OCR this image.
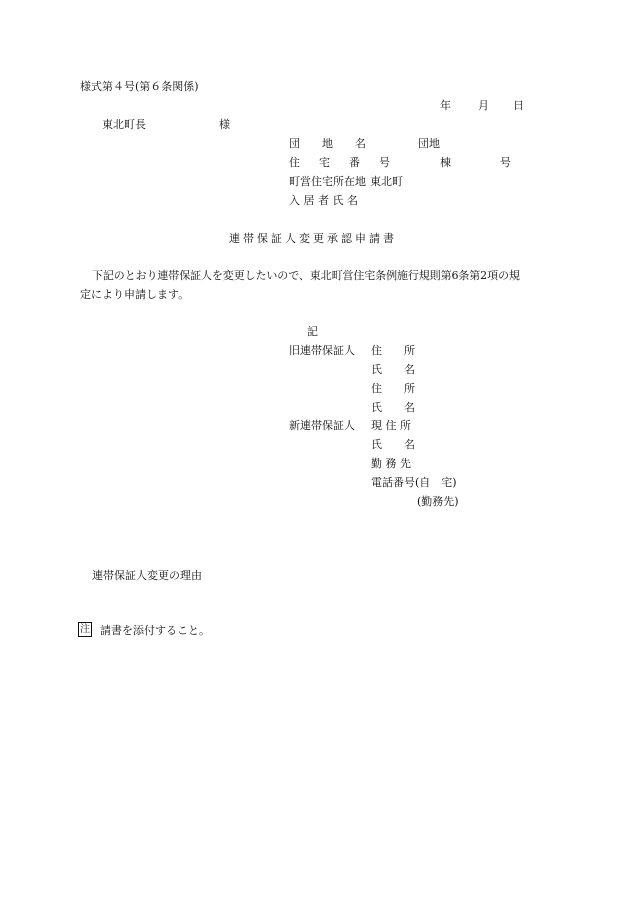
様式第４号(第６条関係)
年 月 日
東北町長	様
団　　地　　名	団地
住　宅　番　号	棟	号
町営住宅所在地 東北町
入 居 者 氏 名
連帯保証人変更承認申請書
下記のとおり連帯保証人を変更したいので、東北町営住宅条例施行規則第6条第2項の規
定により申請します。
記
旧連帯保証人 住　　所
氏　　名
住　　所
氏　　名
新連帯保証人 現 住 所
氏　　名
勤 務 先
電話番号(自　宅)
(勤務先)
連帯保証人変更の理由
注 請書を添付すること。
